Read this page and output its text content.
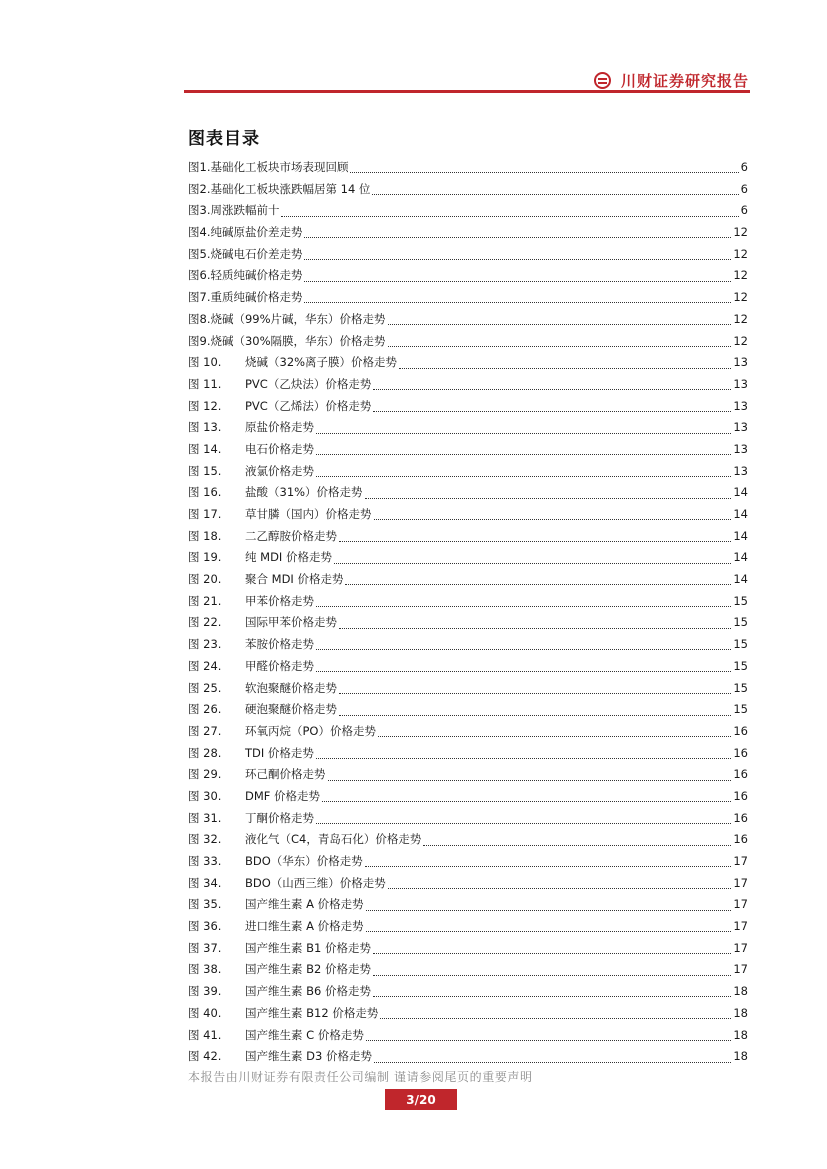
川财证券研究报告
图表目录
图1. 基础化工板块市场表现回顾	6
图2. 基础化工板块涨跌幅居第 14 位	6
图3. 周涨跌幅前十	6
图4. 纯碱原盐价差走势	12
图5. 烧碱电石价差走势	12
图6. 轻质纯碱价格走势	12
图7. 重质纯碱价格走势	12
图8. 烧碱（99%片碱，华东）价格走势	12
图9. 烧碱（30%隔膜，华东）价格走势	12
图 10.	烧碱（32%离子膜）价格走势	13
图 11.	PVC（乙炔法）价格走势	13
图 12.	PVC（乙烯法）价格走势	13
图 13.	原盐价格走势	13
图 14.	电石价格走势	13
图 15.	液氯价格走势	13
图 16.	盐酸（31%）价格走势	14
图 17.	草甘膦（国内）价格走势	14
图 18.	二乙醇胺价格走势	14
图 19.	纯 MDI 价格走势	14
图 20.	聚合 MDI 价格走势	14
图 21.	甲苯价格走势	15
图 22.	国际甲苯价格走势	15
图 23.	苯胺价格走势	15
图 24.	甲醛价格走势	15
图 25.	软泡聚醚价格走势	15
图 26.	硬泡聚醚价格走势	15
图 27.	环氧丙烷（PO）价格走势	16
图 28.	TDI 价格走势	16
图 29.	环己酮价格走势	16
图 30.	DMF 价格走势	16
图 31.	丁酮价格走势	16
图 32.	液化气（C4，青岛石化）价格走势	16
图 33.	BDO（华东）价格走势	17
图 34.	BDO（山西三维）价格走势	17
图 35.	国产维生素 A 价格走势	17
图 36.	进口维生素 A 价格走势	17
图 37.	国产维生素 B1 价格走势	17
图 38.	国产维生素 B2 价格走势	17
图 39.	国产维生素 B6 价格走势	18
图 40.	国产维生素 B12 价格走势	18
图 41.	国产维生素 C 价格走势	18
图 42.	国产维生素 D3 价格走势	18
本报告由川财证券有限责任公司编制 谨请参阅尾页的重要声明
3/20
